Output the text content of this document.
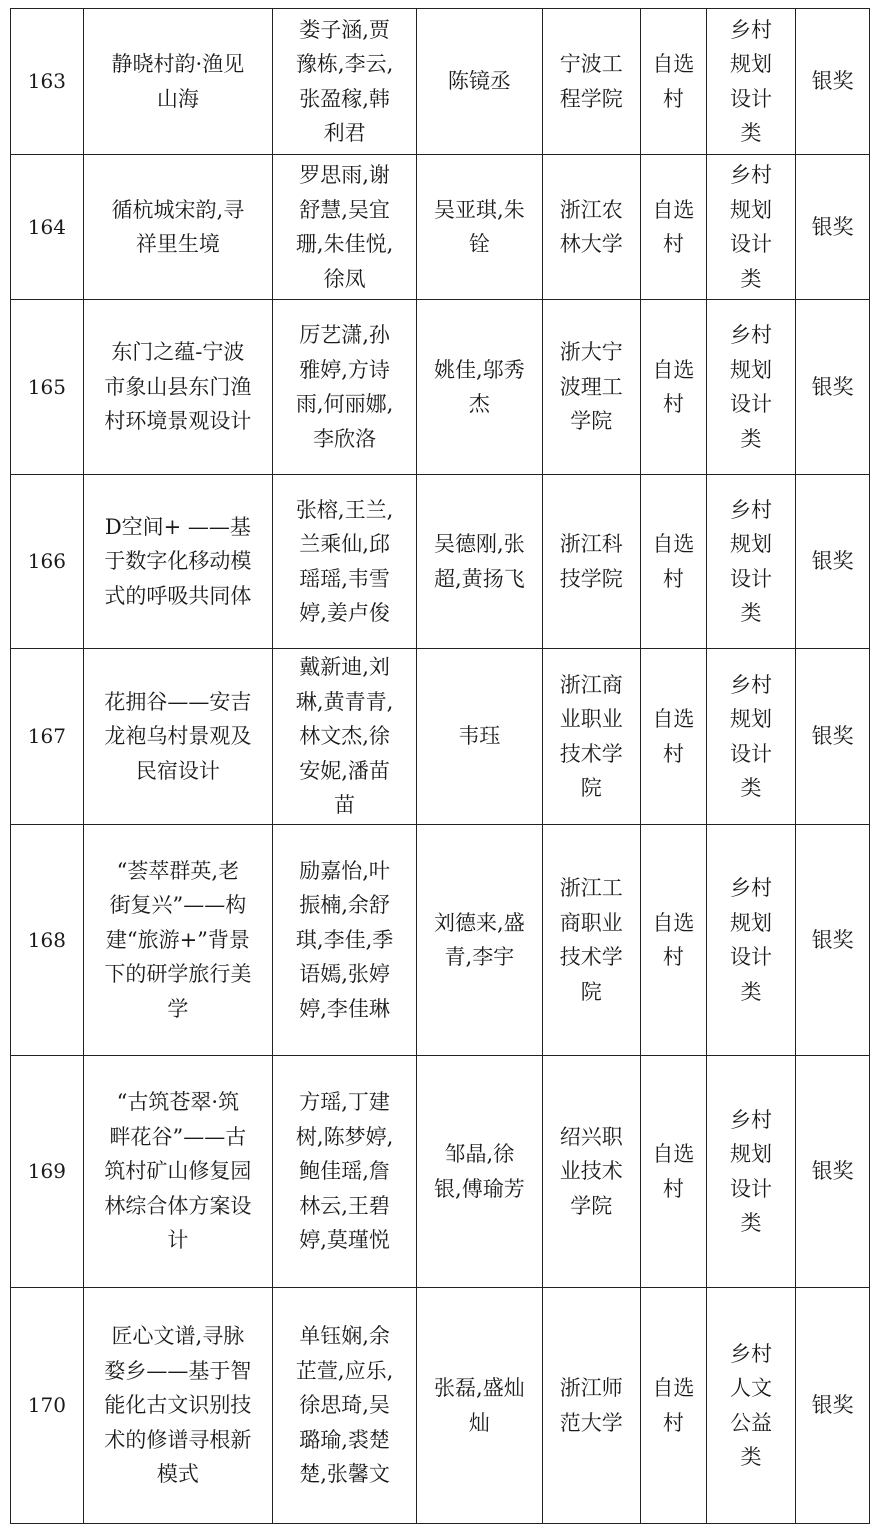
163	静晓村韵·渔见
山海	娄子涵,贾
豫栋,李云,
张盈稼,韩
利君	陈镜丞	宁波工
程学院	自选
村	乡村
规划
设计
类	银奖
164	循杭城宋韵,寻
祥里生境	罗思雨,谢
舒慧,吴宜
珊,朱佳悦,
徐凤	吴亚琪,朱
铨	浙江农
林大学	自选
村	乡村
规划
设计
类	银奖
165	东门之蕴-宁波
市象山县东门渔
村环境景观设计	厉艺潇,孙
雅婷,方诗
雨,何丽娜,
李欣洛	姚佳,邬秀
杰	浙大宁
波理工
学院	自选
村	乡村
规划
设计
类	银奖
166	D空间+ ——基
于数字化移动模
式的呼吸共同体	张榕,王兰,
兰乘仙,邱
瑶瑶,韦雪
婷,姜卢俊	吴德刚,张
超,黄扬飞	浙江科
技学院	自选
村	乡村
规划
设计
类	银奖
167	花拥谷——安吉
龙袍乌村景观及
民宿设计	戴新迪,刘
琳,黄青青,
林文杰,徐
安妮,潘苗
苗	韦珏	浙江商
业职业
技术学
院	自选
村	乡村
规划
设计
类	银奖
168	“荟萃群英,老
街复兴”——构
建“旅游+”背景
下的研学旅行美
学	励嘉怡,叶
振楠,余舒
琪,李佳,季
语嫣,张婷
婷,李佳琳	刘德来,盛
青,李宇	浙江工
商职业
技术学
院	自选
村	乡村
规划
设计
类	银奖
169	“古筑苍翠·筑
畔花谷”——古
筑村矿山修复园
林综合体方案设
计	方瑶,丁建
树,陈梦婷,
鲍佳瑶,詹
林云,王碧
婷,莫瑾悦	邹晶,徐
银,傅瑜芳	绍兴职
业技术
学院	自选
村	乡村
规划
设计
类	银奖
170	匠心文谱,寻脉
婺乡——基于智
能化古文识别技
术的修谱寻根新
模式	单钰娴,余
芷萱,应乐,
徐思琦,吴
璐瑜,裘楚
楚,张馨文	张磊,盛灿
灿	浙江师
范大学	自选
村	乡村
人文
公益
类	银奖
